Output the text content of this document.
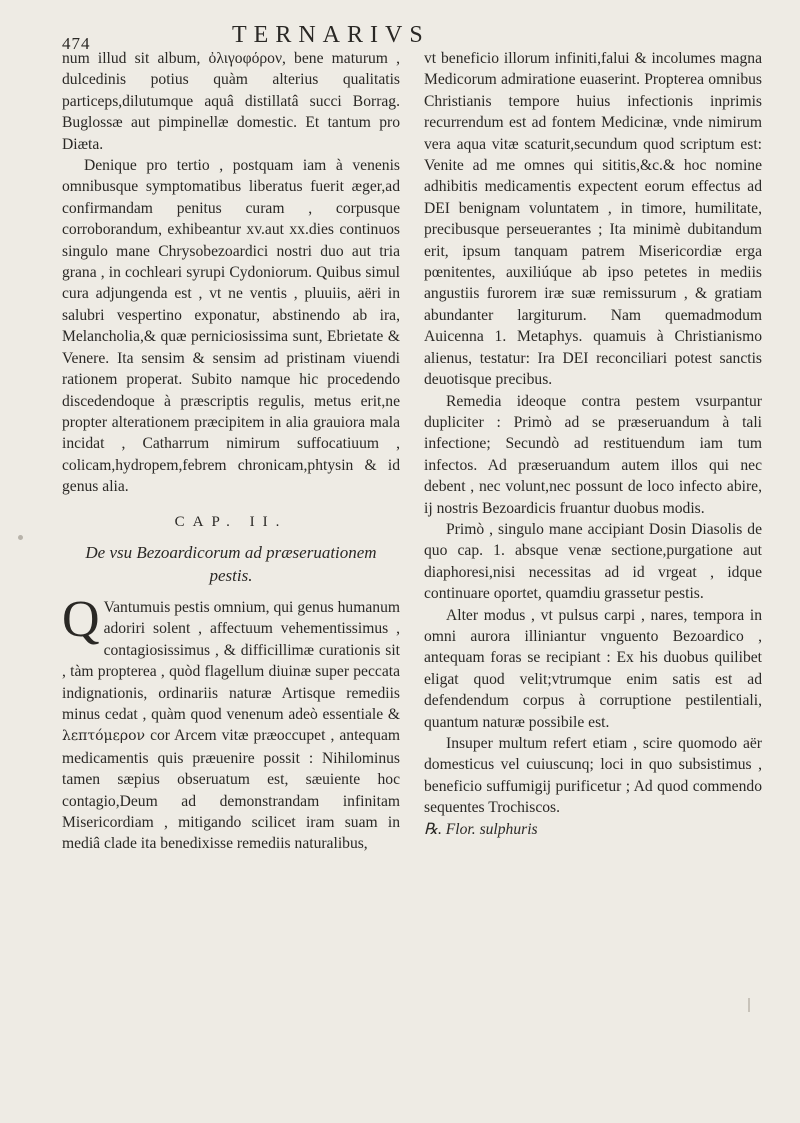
474	TERNARIVS

num illud sit album, ὀλιγοφόρον, bene maturum , dulcedinis potius quàm alterius qualitatis particeps,dilutumque aquâ distillatâ succi Borrag. Buglossæ aut pimpinellæ domestic. Et tantum pro Diæta.

Denique pro tertio , postquam iam à venenis omnibusque symptomatibus liberatus fuerit æger,ad confirmandam penitus curam , corpusque corroborandum, exhibeantur xv.aut xx.dies continuos singulo mane Chrysobezoardici nostri duo aut tria grana , in cochleari syrupi Cydoniorum. Quibus simul cura adjungenda est , vt ne ventis , pluuiis, aëri in salubri vespertino exponatur, abstinendo ab ira, Melancholia,& quæ perniciosissima sunt, Ebrietate & Venere. Ita sensim & sensim ad pristinam viuendi rationem properat. Subito namque hic procedendo discedendoque à præscriptis regulis, metus erit,ne propter alterationem præcipitem in alia grauiora mala incidat , Catharrum nimirum suffocatiuum , colicam,hydropem,febrem chronicam,phtysin & id genus alia.

CAP. II.
De vsu Bezoardicorum ad præseruationem pestis.

Q Vantumuis pestis omnium, qui genus humanum adoriri solent , affectuum vehementissimus , contagiosissimus , & difficillimæ curationis sit , tàm propterea , quòd flagellum diuinæ super peccata indignationis, ordinariis naturæ Artisque remediis minus cedat , quàm quod venenum adeò essentiale & λεπτόμερον cor Arcem vitæ præoccupet , antequam medicamentis quis præuenire possit : Nihilominus tamen sæpius obseruatum est, sæuiente hoc contagio,Deum ad demonstrandam infinitam Misericordiam , mitigando scilicet iram suam in mediâ clade ita benedixisse remediis naturalibus,

vt beneficio illorum infiniti,falui & incolumes magna Medicorum admiratione euaserint. Propterea omnibus Christianis tempore huius infectionis inprimis recurrendum est ad fontem Medicinæ, vnde nimirum vera aqua vitæ scaturit,secundum quod scriptum est: Venite ad me omnes qui sititis,&c.& hoc nomine adhibitis medicamentis expectent eorum effectus ad DEI benignam voluntatem , in timore, humilitate, precibusque perseuerantes ; Ita minimè dubitandum erit, ipsum tanquam patrem Misericordiæ erga pœnitentes, auxiliúque ab ipso petetes in mediis angustiis furorem iræ suæ remissurum , & gratiam abundanter largiturum. Nam quemadmodum Auicenna 1. Metaphys. quamuis à Christianismo alienus, testatur: Ira DEI reconciliari potest sanctis deuotisque precibus.

Remedia ideoque contra pestem vsurpantur dupliciter : Primò ad se præseruandum à tali infectione; Secundò ad restituendum iam tum infectos. Ad præseruandum autem illos qui nec debent , nec volunt,nec possunt de loco infecto abire, ij nostris Bezoardicis fruantur duobus modis.

Primò , singulo mane accipiant Dosin Diasolis de quo cap. 1. absque venæ sectione,purgatione aut diaphoresi,nisi necessitas ad id vrgeat , idque continuare oportet, quamdiu grassetur pestis.

Alter modus , vt pulsus carpi , nares, tempora in omni aurora illiniantur vnguento Bezoardico , antequam foras se recipiant : Ex his duobus quilibet eligat quod velit;vtrumque enim satis est ad defendendum corpus à corruptione pestilentiali, quantum naturæ possibile est.

Insuper multum refert etiam , scire quomodo aër domesticus vel cuiuscunq; loci in quo subsistimus , beneficio suffumigij purificetur ; Ad quod commendo sequentes Trochiscos.

℞. Flor. sulphuris
